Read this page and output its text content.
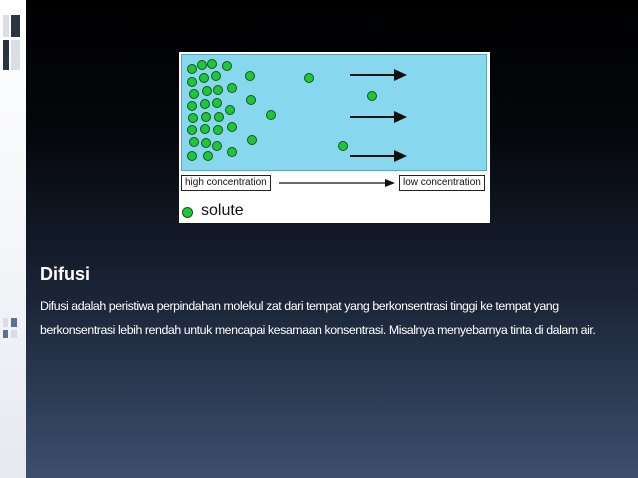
high concentration	low concentration
solute
Difusi
Difusi adalah peristiwa perpindahan molekul zat dari tempat yang berkonsentrasi tinggi ke tempat yang berkonsentrasi lebih rendah untuk mencapai kesamaan konsentrasi. Misalnya menyebarnya tinta di dalam air.
